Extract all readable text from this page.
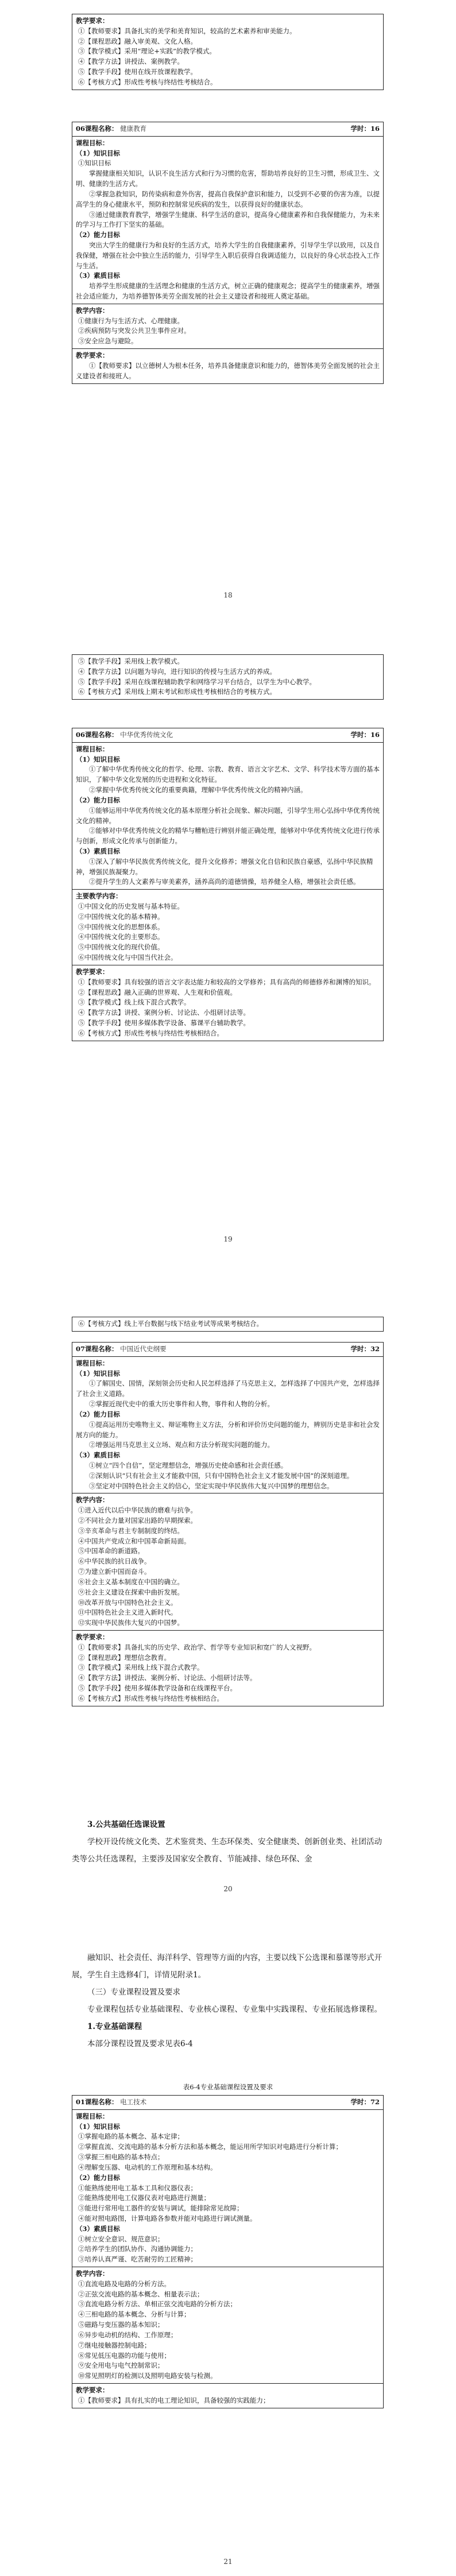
教学要求：
①【教师要求】具备扎实的美学和美育知识，较高的艺术素养和审美能力。
②【课程思政】融入审美观、文化人格。
③【教学模式】采用“理论+实践”的教学模式。
④【教学方法】讲授法、案例教学。
⑤【教学手段】使用在线开放课程教学。
⑥【考核方式】形成性考核与终结性考核结合。
06课程名称： 健康教育	学时：16

课程目标：
（1）知识目标
①知识目标
掌握健康相关知识，认识不良生活方式和行为习惯的危害，帮助培养良好的卫生习惯，形成卫生、文明、健康的生活方式。
②掌握急救知识，防传染病和意外伤害，提高自我保护意识和能力，以受到不必要的伤害为准，以提高学生的身心健康水平，预防和控制常见疾病的发生，以获得良好的健康状态。
③通过健康教育教学，增强学生健康、科学生活的意识，提高身心健康素养和自我保健能力，为未来的学习与工作打下坚实的基础。
（2）能力目标
突出大学生的健康行为和良好的生活方式，培养大学生的自我健康素养，引导学生学以致用，以及自我保健，增强在社会中独立生活的能力，引导学生入职后获得自我调适能力，以良好的身心状态投入工作与生活。
（3）素质目标
培养学生形成健康的生活理念和健康的生活方式，树立正确的健康观念；提高学生的健康素养，增强社会适应能力，为培养德智体美劳全面发展的社会主义建设者和接班人奠定基础。

教学内容：
①健康行为与生活方式、心理健康。
②疾病预防与突发公共卫生事件应对。
③安全应急与避险。

教学要求：
①【教师要求】以立德树人为根本任务，培养具备健康意识和能力的，德智体美劳全面发展的社会主义建设者和接班人。
18
⑤【教学手段】采用线上教学模式。
④【教学方法】以问题为导向，进行知识的传授与生活方式的养成。
⑤【教学手段】采用在线课程辅助教学和网络学习平台结合，以学生为中心教学。
⑥【考核方式】采用线上期末考试和形成性考核相结合的考核方式。
06课程名称： 中华优秀传统文化	学时：16

课程目标：
（1）知识目标
①了解中华优秀传统文化的哲学、伦理、宗教、教育、语言文字艺术、文学、科学技术等方面的基本知识，了解中华文化发展的历史进程和文化特征。
②掌握中华优秀传统文化的重要典籍，理解中华优秀传统文化的精神内涵。
（2）能力目标
①能够运用中华优秀传统文化的基本原理分析社会现象、解决问题，引导学生用心弘扬中华优秀传统文化的精神。
②能够对中华优秀传统文化的精华与糟粕进行辨别并能正确处理，能够对中华优秀传统文化进行传承与创新，形成文化传承与创新能力。
（3）素质目标
①深入了解中华民族优秀传统文化，提升文化修养；增强文化自信和民族自豪感，弘扬中华民族精神，增强民族凝聚力。
②提升学生的人文素养与审美素养，涵养高尚的道德情操，培养健全人格，增强社会责任感。

主要教学内容：
①中国文化的历史发展与基本特征。
②中国传统文化的基本精神。
③中国传统文化的思想体系。
④中国传统文化的主要形态。
⑤中国传统文化的现代价值。
⑥中国传统文化与中国当代社会。

教学要求：
①【教师要求】具有较强的语言文字表达能力和较高的文学修养；具有高尚的师德修养和渊博的知识。
②【课程思政】融入正确的世界观、人生观和价值观。
③【教学模式】线上线下混合式教学。
④【教学方法】讲授、案例分析、讨论法、小组研讨法等。
⑤【教学手段】使用多媒体教学设备、慕课平台辅助教学。
⑥【考核方式】形成性考核与终结性考核相结合。
19
⑥【考核方式】线上平台数据与线下结业考试等成果考核结合。
07课程名称： 中国近代史纲要	学时：32

课程目标：
（1）知识目标
①了解国史、国情，深刻领会历史和人民怎样选择了马克思主义，怎样选择了中国共产党，怎样选择了社会主义道路。
②掌握近现代史中的重大历史事件和人物，事件和人物的分析。
（2）能力目标
①提高运用历史唯物主义、辩证唯物主义方法，分析和评价历史问题的能力，辨别历史是非和社会发展方向的能力。
②增强运用马克思主义立场、观点和方法分析现实问题的能力。
（3）素质目标
①树立“四个自信”，坚定理想信念，增强历史使命感和社会责任感。
②深刻认识“只有社会主义才能救中国，只有中国特色社会主义才能发展中国”的深刻道理。
③坚定对中国特色社会主义的信心，坚定实现中华民族伟大复兴中国梦的理想信念。

教学内容：
①进入近代以后中华民族的磨难与抗争。
②不同社会力量对国家出路的早期探索。
③辛亥革命与君主专制制度的终结。
④中国共产党成立和中国革命新局面。
⑤中国革命的新道路。
⑥中华民族的抗日战争。
⑦为建立新中国而奋斗。
⑧社会主义基本制度在中国的确立。
⑨社会主义建设在探索中曲折发展。
⑩改革开放与中国特色社会主义。
⑪中国特色社会主义进入新时代。
⑫实现中华民族伟大复兴的中国梦。

教学要求：
①【教师要求】具备扎实的历史学、政治学、哲学等专业知识和宽广的人文视野。
②【课程思政】理想信念教育。
③【教学模式】采用线上线下混合式教学。
④【教学方法】讲授法、案例分析、讨论法、小组研讨法等。
⑤【教学手段】使用多媒体教学设备和在线课程平台。
⑥【考核方式】形成性考核与终结性考核相结合。

3.公共基础任选课设置

学校开设传统文化类、艺术鉴赏类、生态环保类、安全健康类、创新创业类、社团活动类等公共任选课程，主要涉及国家安全教育、节能减排、绿色环保、金

20

融知识、社会责任、海洋科学、管理等方面的内容，主要以线下公选课和慕课等形式开展，学生自主选修4门，详情见附录1。

（三）专业课程设置及要求

专业课程包括专业基础课程、专业核心课程、专业集中实践课程、专业拓展选修课程。

1.专业基础课程

本部分课程设置及要求见表6-4

表6-4专业基础课程设置及要求
01课程名称： 电工技术	学时：72

课程目标：
（1）知识目标
①掌握电路的基本概念、基本定律；
②掌握直流、交流电路的基本分析方法和基本概念，能运用所学知识对电路进行分析计算；
③掌握三相电路的基本特点；
④理解变压器、电动机的工作原理和基本结构。
（2）能力目标
①能熟练使用电工基本工具和仪器仪表；
②能熟练使用电工仪器仪表对电路进行测量；
③能进行常用电工器件的安装与调试，能排除常见故障；
④能对照电路图，计算电路各参数并能对电路进行调试测量。
（3）素质目标
①树立安全意识、规范意识；
②培养学生的团队协作、沟通协调能力；
③培养认真严谨、吃苦耐劳的工匠精神；

教学内容：
①直流电路及电路的分析方法。
②正弦交流电路的基本概念、相量表示法；
③直流电路分析方法、单相正弦交流电路的分析方法；
④三相电路的基本概念、分析与计算；
⑤磁路与变压器的基本知识；
⑥异步电动机的结构、工作原理；
⑦继电接触器控制电路；
⑧常见低压电器的功能与使用；
⑨安全用电与电气控制常识；
⑩常见照明灯的检测以及照明电路安装与检测。

教学要求：
①【教师要求】具有扎实的电工理论知识，具备较强的实践能力；
21
